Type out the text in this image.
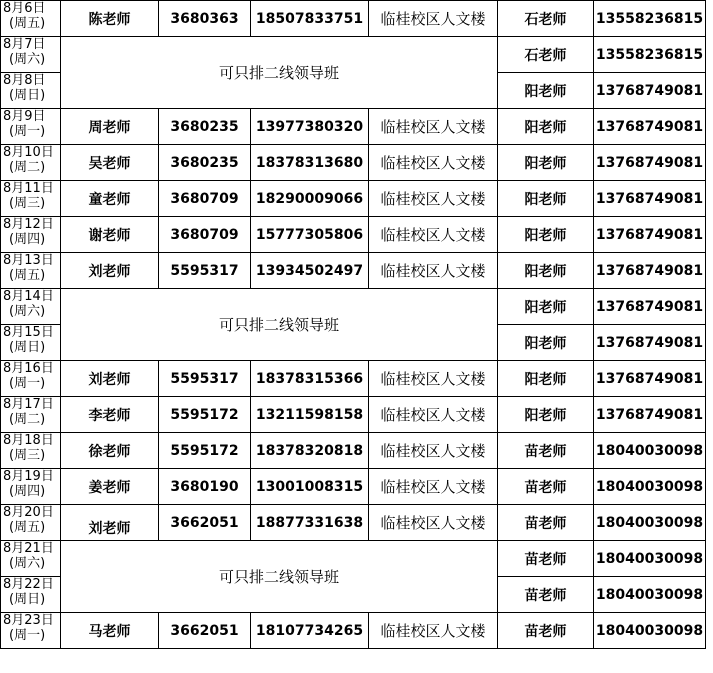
8月6日
(周五)	陈老师	3680363	18507833751	临桂校区人文楼	石老师	13558236815

8月7日
(周六)	可只排二线领导班				石老师	13558236815

8月8日
(周日)					阳老师	13768749081

8月9日
(周一)	周老师	3680235	13977380320	临桂校区人文楼	阳老师	13768749081

8月10日
(周二)	吴老师	3680235	18378313680	临桂校区人文楼	阳老师	13768749081

8月11日
(周三)	童老师	3680709	18290009066	临桂校区人文楼	阳老师	13768749081

8月12日
(周四)	谢老师	3680709	15777305806	临桂校区人文楼	阳老师	13768749081

8月13日
(周五)	刘老师	5595317	13934502497	临桂校区人文楼	阳老师	13768749081

8月14日
(周六)	可只排二线领导班				阳老师	13768749081

8月15日
(周日)					阳老师	13768749081

8月16日
(周一)	刘老师	5595317	18378315366	临桂校区人文楼	阳老师	13768749081

8月17日
(周二)	李老师	5595172	13211598158	临桂校区人文楼	阳老师	13768749081

8月18日
(周三)	徐老师	5595172	18378320818	临桂校区人文楼	苗老师	18040030098

8月19日
(周四)	姜老师	3680190	13001008315	临桂校区人文楼	苗老师	18040030098

8月20日
(周五)	刘老师	3662051	18877331638	临桂校区人文楼	苗老师	18040030098

8月21日
(周六)	可只排二线领导班				苗老师	18040030098

8月22日
(周日)					苗老师	18040030098

8月23日
(周一)	马老师	3662051	18107734265	临桂校区人文楼	苗老师	18040030098
